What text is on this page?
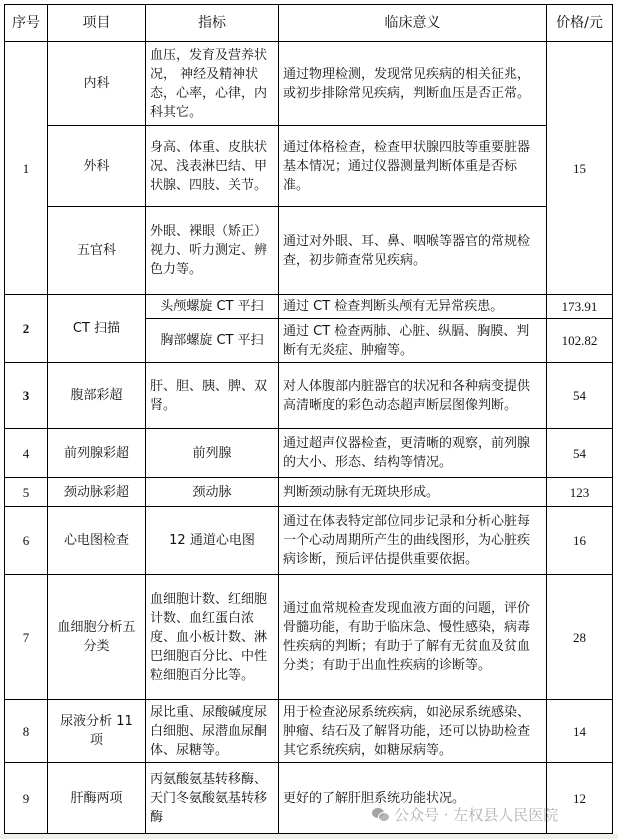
序号	项目	指标	临床意义	价格/元
1	内科	血压，发育及营养状况， 神经及精神状态，心率，心律，内科其它。	通过物理检测，发现常见疾病的相关征兆，或初步排除常见疾病，判断血压是否正常。	15
	外科	身高、体重、皮肤状况、浅表淋巴结、甲状腺、四肢、关节。	通过体格检查，检查甲状腺四肢等重要脏器基本情况；通过仪器测量判断体重是否标准。	
	五官科	外眼、裸眼（矫正）视力、听力测定、辨色力等。	通过对外眼、耳、鼻、咽喉等器官的常规检查，初步筛查常见疾病。	
2	CT 扫描	头颅螺旋 CT 平扫	通过 CT 检查判断头颅有无异常疾患。	173.91
		胸部螺旋 CT 平扫	通过 CT 检查两肺、心脏、纵膈、胸膜、判断有无炎症、肿瘤等。	102.82
3	腹部彩超	肝、胆、胰、脾、双肾。	对人体腹部内脏器官的状况和各种病变提供高清晰度的彩色动态超声断层图像判断。	54
4	前列腺彩超	前列腺	通过超声仪器检查，更清晰的观察，前列腺的大小、形态、结构等情况。	54
5	颈动脉彩超	颈动脉	判断颈动脉有无斑块形成。	123
6	心电图检查	12 通道心电图	通过在体表特定部位同步记录和分析心脏每一个心动周期所产生的曲线图形，为心脏疾病诊断，预后评估提供重要依据。	16
7	血细胞分析五分类	血细胞计数、红细胞计数、血红蛋白浓度、血小板计数、淋巴细胞百分比、中性粒细胞百分比等。	通过血常规检查发现血液方面的问题，评价骨髓功能，有助于临床急、慢性感染，病毒性疾病的判断；有助于了解有无贫血及贫血分类；有助于出血性疾病的诊断等。	28
8	尿液分析 11 项	尿比重、尿酸碱度尿白细胞、尿潜血尿酮体、尿糖等。	用于检查泌尿系统疾病，如泌尿系统感染、肿瘤、结石及了解肾功能，还可以协助检查其它系统疾病，如糖尿病等。	14
9	肝酶两项	丙氨酸氨基转移酶、天门冬氨酸氨基转移酶	更好的了解肝胆系统功能状况。	12
公众号 · 左权县人民医院
